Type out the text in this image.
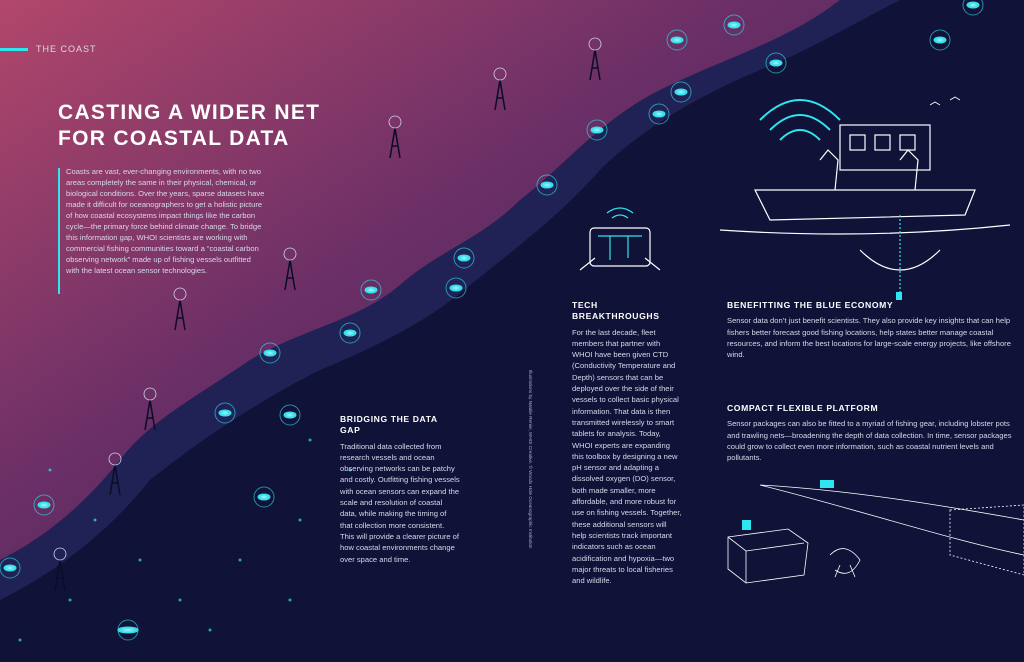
THE COAST
CASTING A WIDER NET FOR COASTAL DATA

Coasts are vast, ever-changing environments, with no two areas completely the same in their physical, chemical, or biological conditions. Over the years, sparse datasets have made it difficult for oceanographers to get a holistic picture of how coastal ecosystems impact things like the carbon cycle—the primary force behind climate change. To bridge this information gap, WHOI scientists are working with commercial fishing communities toward a “coastal carbon observing network” made up of fishing vessels outfitted with the latest ocean sensor technologies.

BRIDGING THE DATA GAP

Traditional data collected from research vessels and ocean observing networks can be patchy and costly. Outfitting fishing vessels with ocean sensors can expand the scale and resolution of coastal data, while making the timing of that collection more consistent. This will provide a clearer picture of how coastal environments change over space and time.

TECH BREAKTHROUGHS

For the last decade, fleet members that partner with WHOI have been given CTD (Conductivity Temperature and Depth) sensors that can be deployed over the side of their vessels to collect basic physical information. That data is then transmitted wirelessly to smart tablets for analysis. Today, WHOI experts are expanding this toolbox by designing a new pH sensor and adapting a dissolved oxygen (DO) sensor, both made smaller, more affordable, and more robust for use on fishing vessels. Together, these additional sensors will help scientists track important indicators such as ocean acidification and hypoxia—two major threats to local fisheries and wildlife.

BENEFITTING THE BLUE ECONOMY

Sensor data don’t just benefit scientists. They also provide key insights that can help fishers better forecast good fishing locations, help states better manage coastal resources, and inform the best locations for large-scale energy projects, like offshore wind.

COMPACT FLEXIBLE PLATFORM

Sensor packages can also be fitted to a myriad of fishing gear, including lobster pots and trawling nets—broadening the depth of data collection. In time, sensor packages could grow to collect even more information, such as coastal nutrient levels and pollutants.

Illustrations by Natalie Renier, WHOI Creative. © Woods Hole Oceanographic Institution
